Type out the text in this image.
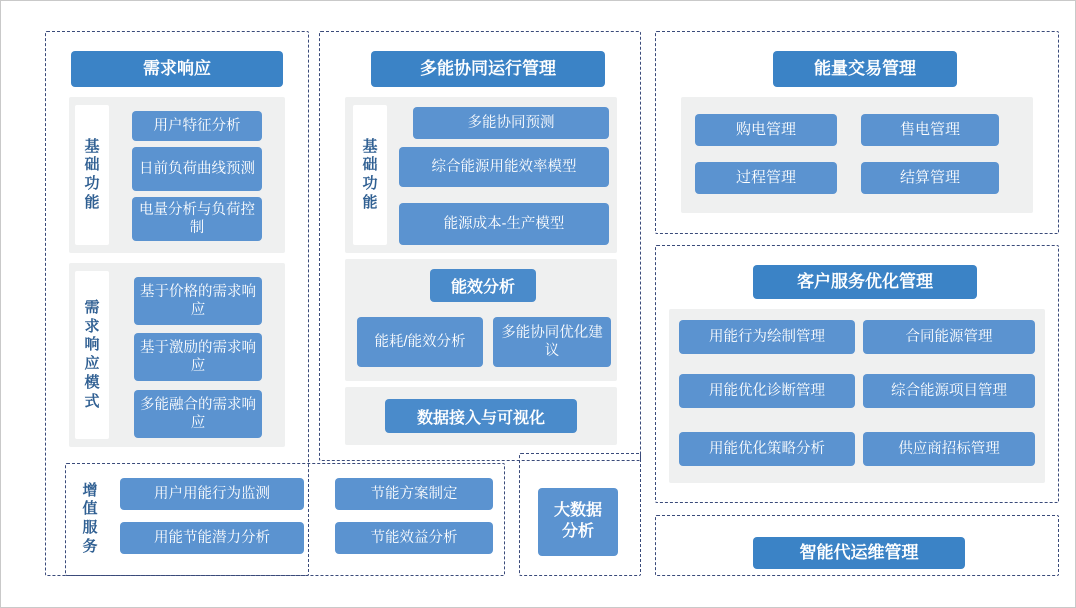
需求响应
基
础
功
能
用户特征分析
日前负荷曲线预测
电量分析与负荷控制
需
求
响
应
模
式
基于价格的需求响应
基于激励的需求响应
多能融合的需求响应
多能协同运行管理
基
础
功
能
多能协同预测
综合能源用能效率模型
能源成本-生产模型
能效分析
能耗/能效分析
多能协同优化建议
数据接入与可视化
增
值
服
务
用户用能行为监测	节能方案制定
用能节能潜力分析	节能效益分析
大数据分析
能量交易管理
购电管理	售电管理
过程管理	结算管理
客户服务优化管理
用能行为绘制管理	合同能源管理
用能优化诊断管理	综合能源项目管理
用能优化策略分析	供应商招标管理
智能代运维管理
